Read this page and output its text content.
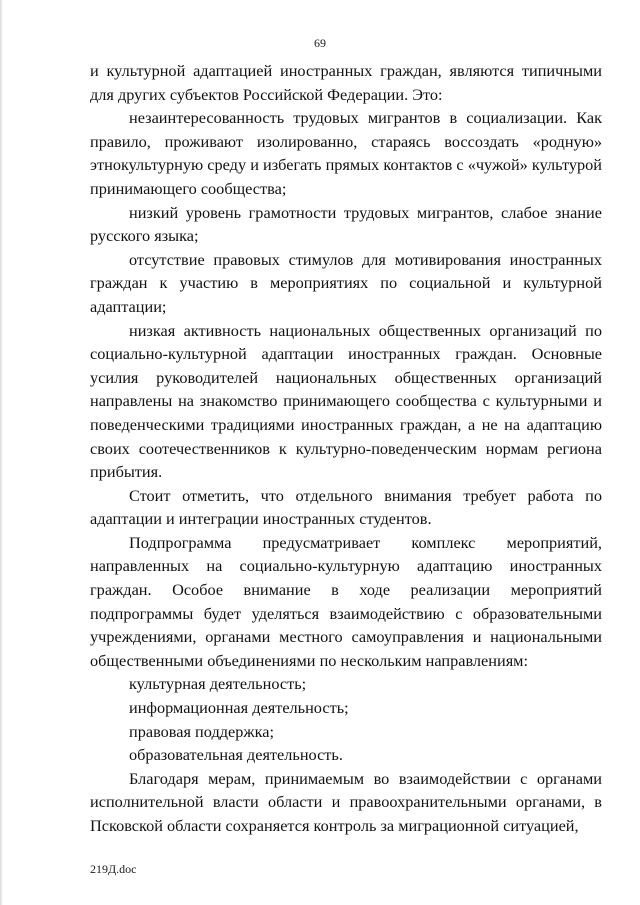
69

и культурной адаптацией иностранных граждан, являются типичными для других субъектов Российской Федерации. Это:

незаинтересованность трудовых мигрантов в социализации. Как правило, проживают изолированно, стараясь воссоздать «родную» этнокультурную среду и избегать прямых контактов с «чужой» культурой принимающего сообщества;

низкий уровень грамотности трудовых мигрантов, слабое знание русского языка;

отсутствие правовых стимулов для мотивирования иностранных граждан к участию в мероприятиях по социальной и культурной адаптации;

низкая активность национальных общественных организаций по социально-культурной адаптации иностранных граждан. Основные усилия руководителей национальных общественных организаций направлены на знакомство принимающего сообщества с культурными и поведенческими традициями иностранных граждан, а не на адаптацию своих соотечественников к культурно-поведенческим нормам региона прибытия.

Стоит отметить, что отдельного внимания требует работа по адаптации и интеграции иностранных студентов.

Подпрограмма предусматривает комплекс мероприятий, направленных на социально-культурную адаптацию иностранных граждан. Особое внимание в ходе реализации мероприятий подпрограммы будет уделяться взаимодействию с образовательными учреждениями, органами местного самоуправления и национальными общественными объединениями по нескольким направлениям:

культурная деятельность;

информационная деятельность;

правовая поддержка;

образовательная деятельность.

Благодаря мерам, принимаемым во взаимодействии с органами исполнительной власти области и правоохранительными органами, в Псковской области сохраняется контроль за миграционной ситуацией,

219Д.doc
